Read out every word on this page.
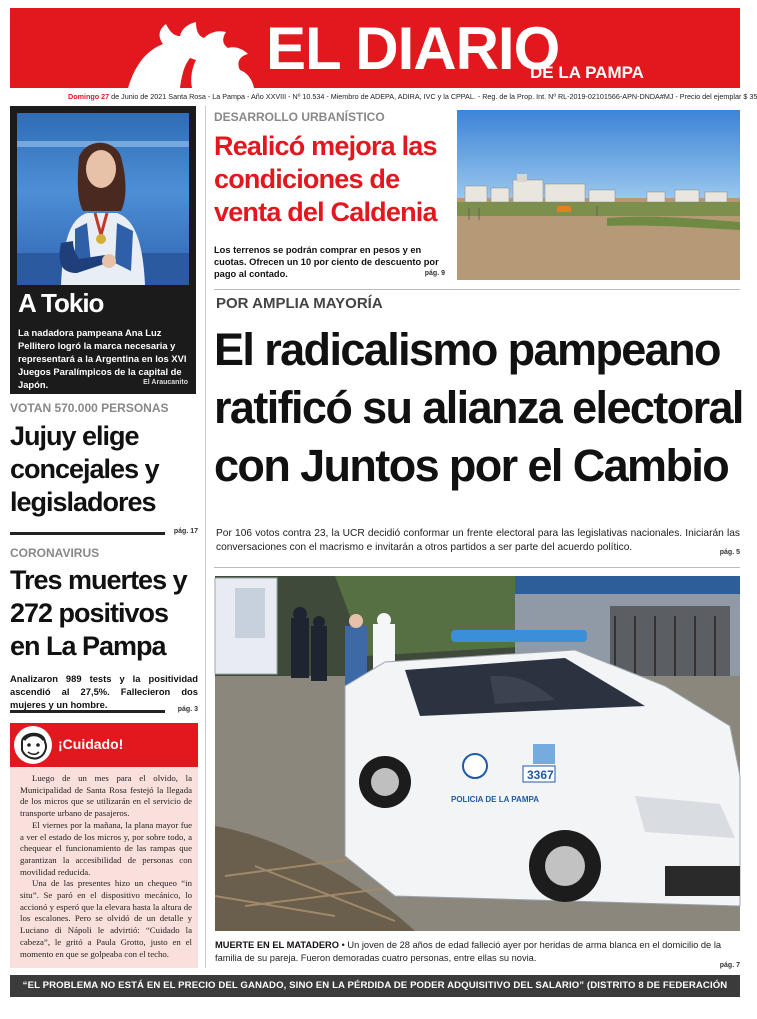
EL DIARIO
DE LA PAMPA
Domingo 27 de Junio de 2021 Santa Rosa - La Pampa - Año XXVIII - Nº 10.534 - Miembro de ADEPA, ADIRA, IVC y la CPPAL. - Reg. de la Prop. Int. Nº RL-2019-02101566-APN-DNDA#MJ - Precio del ejemplar $ 35
A Tokio
La nadadora pampeana Ana Luz Pellitero logró la marca necesaria y representará a la Argentina en los XVI Juegos Paralímpicos de la capital de Japón.	El Araucanito
VOTAN 570.000 PERSONAS
Jujuy elige concejales y legisladores
pág. 17
CORONAVIRUS
Tres muertes y 272 positivos en La Pampa
Analizaron 989 tests y la positividad ascendió al 27,5%. Fallecieron dos mujeres y un hombre.	pág. 3
¡Cuidado!

Luego de un mes para el olvido, la Municipalidad de Santa Rosa festejó la llegada de los micros que se utilizarán en el servicio de transporte urbano de pasajeros.

El viernes por la mañana, la plana mayor fue a ver el estado de los micros y, por sobre todo, a chequear el funcionamiento de las rampas que garantizan la accesibilidad de personas con movilidad reducida.

Una de las presentes hizo un chequeo “in situ”. Se paró en el dispositivo mecánico, lo accionó y esperó que la elevara hasta la altura de los escalones. Pero se olvidó de un detalle y Luciano di Nápoli le advirtió: “Cuidado la cabeza”, le gritó a Paula Grotto, justo en el momento en que se golpeaba con el techo.

DESARROLLO URBANÍSTICO
Realicó mejora las condiciones de venta del Caldenia
Los terrenos se podrán comprar en pesos y en cuotas. Ofrecen un 10 por ciento de descuento por pago al contado.	pág. 9
POR AMPLIA MAYORÍA
El radicalismo pampeano ratificó su alianza electoral con Juntos por el Cambio
Por 106 votos contra 23, la UCR decidió conformar un frente electoral para las legislativas nacionales. Iniciarán las conversaciones con el macrismo e invitarán a otros partidos a ser parte del acuerdo político.	pág. 5
3367
POLICIA DE LA PAMPA
MUERTE EN EL MATADERO • Un joven de 28 años de edad falleció ayer por heridas de arma blanca en el domicilio de la familia de su pareja. Fueron demoradas cuatro personas, entre ellas su novia.
pág. 7
“EL PROBLEMA NO ESTÁ EN EL PRECIO DEL GANADO, SINO EN LA PÉRDIDA DE PODER ADQUISITIVO DEL SALARIO” (DISTRITO 8 DE FEDERACIÓN AGRARIA). PÁG. 11
